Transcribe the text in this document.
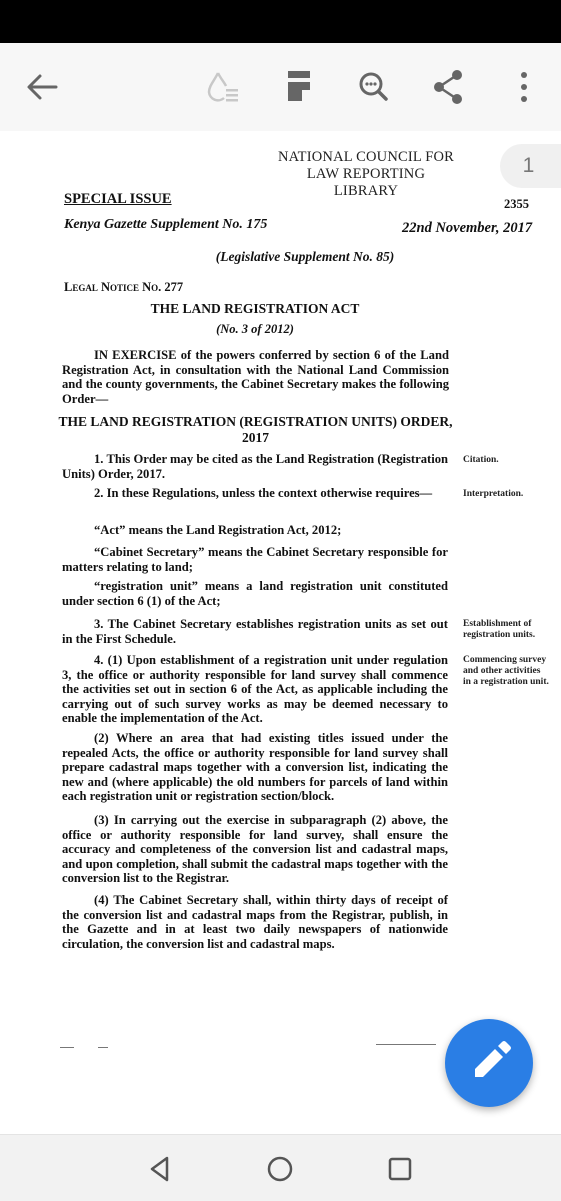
NATIONAL COUNCIL FOR
LAW REPORTING
LIBRARY
SPECIAL ISSUE	2355
Kenya Gazette Supplement No. 175	22nd November, 2017
(Legislative Supplement No. 85)
Legal Notice No. 277
THE LAND REGISTRATION ACT
(No. 3 of 2012)

IN EXERCISE of the powers conferred by section 6 of the Land Registration Act, in consultation with the National Land Commission and the county governments, the Cabinet Secretary makes the following Order—

THE LAND REGISTRATION (REGISTRATION UNITS) ORDER,
2017

1. This Order may be cited as the Land Registration (Registration Units) Order, 2017.

Citation.

2. In these Regulations, unless the context otherwise requires—	Interpretation.

“Act” means the Land Registration Act, 2012;

“Cabinet Secretary” means the Cabinet Secretary responsible for matters relating to land;

“registration unit” means a land registration unit constituted under section 6 (1) of the Act;

3. The Cabinet Secretary establishes registration units as set out in the First Schedule.

Establishment of registration units.

4. (1) Upon establishment of a registration unit under regulation 3, the office or authority responsible for land survey shall commence the activities set out in section 6 of the Act, as applicable including the carrying out of such survey works as may be deemed necessary to enable the implementation of the Act.

Commencing survey and other activities in a registration unit.

(2) Where an area that had existing titles issued under the repealed Acts, the office or authority responsible for land survey shall prepare cadastral maps together with a conversion list, indicating the new and (where applicable) the old numbers for parcels of land within each registration unit or registration section/block.

(3) In carrying out the exercise in subparagraph (2) above, the office or authority responsible for land survey, shall ensure the accuracy and completeness of the conversion list and cadastral maps, and upon completion, shall submit the cadastral maps together with the conversion list to the Registrar.

(4) The Cabinet Secretary shall, within thirty days of receipt of the conversion list and cadastral maps from the Registrar, publish, in the Gazette and in at least two daily newspapers of nationwide circulation, the conversion list and cadastral maps.

1
